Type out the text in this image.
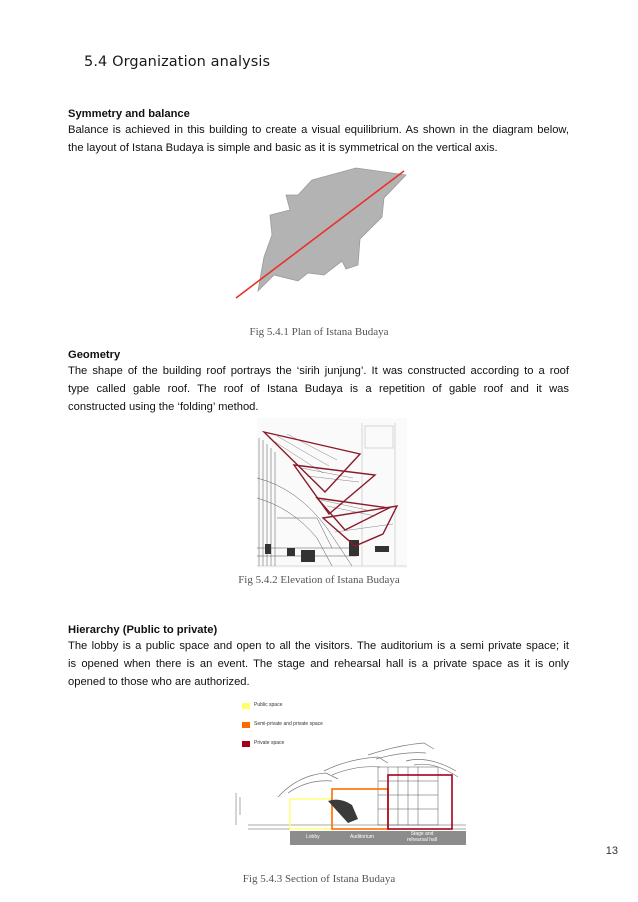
5.4 Organization analysis
Symmetry and balance
Balance is achieved in this building to create a visual equilibrium. As shown in the diagram below,
the layout of Istana Budaya is simple and basic as it is symmetrical on the vertical axis.
Fig 5.4.1 Plan of Istana Budaya
Geometry
The shape of the building roof portrays the ‘sirih junjung’. It was constructed according to a roof
type called gable roof. The roof of Istana Budaya is a repetition of gable roof and it was
constructed using the ‘folding’ method.
Fig 5.4.2 Elevation of Istana Budaya
Hierarchy (Public to private)
The lobby is a public space and open to all the visitors. The auditorium is a semi private space; it
is opened when there is an event. The stage and rehearsal hall is a private space as it is only
opened to those who are authorized.
Public space
Semi-private and private space
Private space
Lobby	Auditorium	Stage and rehearsal hall
13
Fig 5.4.3 Section of Istana Budaya
